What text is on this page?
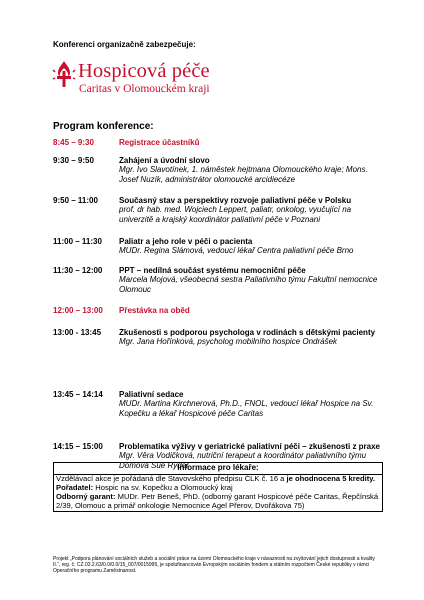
Konferenci organizačně zabezpečuje:
Hospicová péče
Caritas v Olomouckém kraji
Program konference:
8:45 – 9:30	Registrace účastníků
9:30 – 9:50	Zahájení a úvodní slovo
Mgr. Ivo Slavotínek, 1. náměstek hejtmana Olomouckého kraje; Mons. Josef Nuzík, administrátor olomoucké arcidiecéze
9:50 – 11:00	Současný stav a perspektivy rozvoje paliativní péče v Polsku
prof. dr hab. med. Wojciech Leppert, paliatr, onkolog, vyučující na univerzitě a krajský koordinátor paliativní péče v Poznani
11:00 – 11:30	Paliatr a jeho role v péči o pacienta
MUDr. Regina Slámová, vedoucí lékař Centra paliativní péče Brno
11:30 – 12:00	PPT – nedílná součást systému nemocniční péče
Marcela Mojová, všeobecná sestra Paliativního týmu Fakultní nemocnice Olomouc
12:00 – 13:00	Přestávka na oběd
13:00 - 13:45	Zkušenosti s podporou psychologa v rodinách s dětskými pacienty
Mgr. Jana Hořínková, psycholog mobilního hospice Ondrášek
13:45 – 14:14	Paliativní sedace
MUDr. Martina Kirchnerová, Ph.D., FNOL, vedoucí lékař Hospice na Sv. Kopečku a lékař Hospicové péče Caritas
14:15 – 15:00	Problematika výživy v geriatrické paliativní péči – zkušenosti z praxe
Mgr. Věra Vodičková, nutriční terapeut a koordinátor paliativního týmu Domova Sue Ryder
Informace pro lékaře:
Vzdělávací akce je pořádaná dle Stavovského předpisu ČLK č. 16 a je ohodnocena 5 kredity.
Pořadatel: Hospic na sv. Kopečku a Olomoucký kraj
Odborný garant: MUDr. Petr Beneš, PhD. (odborný garant Hospicové péče Caritas, Řepčínská 2/39, Olomouc a primář onkologie Nemocnice Agel Přerov, Dvořákova 75)
Projekt „Podpora plánování sociálních služeb a sociální práce na území Olomouckého kraje v návaznosti na zvyšování jejich dostupnosti a kvality II.“, reg. č. CZ.03.2.63/0.0/0.0/15_007/0015995, je spolufinancován Evropským sociálním fondem a státním rozpočtem České republiky v rámci Operačního programu Zaměstnanost.
